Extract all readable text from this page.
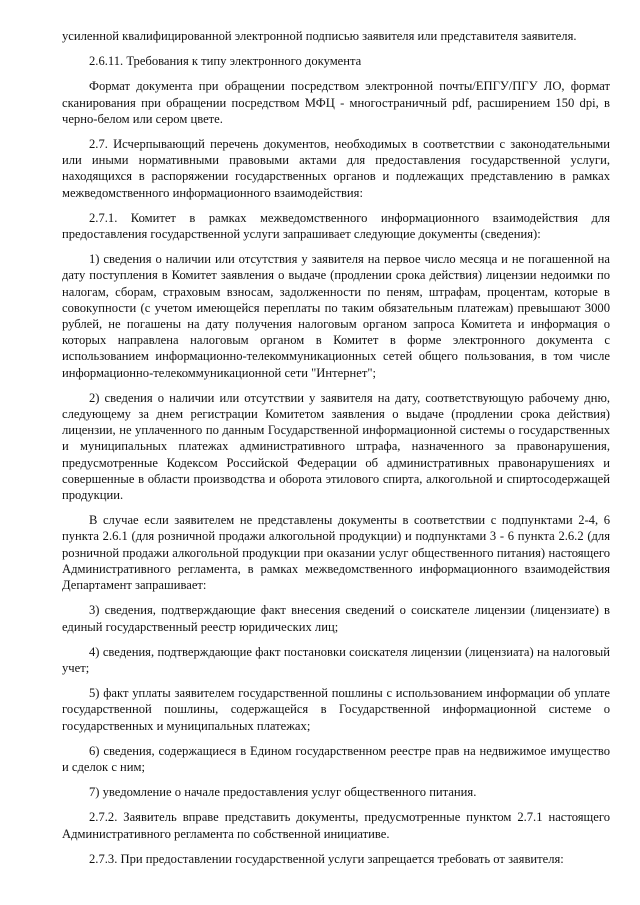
усиленной квалифицированной электронной подписью заявителя или представителя заявителя.

2.6.11. Требования к типу электронного документа

Формат документа при обращении посредством электронной почты/ЕПГУ/ПГУ ЛО, формат сканирования при обращении посредством МФЦ - многостраничный pdf, расширением 150 dpi, в черно-белом или сером цвете.

2.7. Исчерпывающий перечень документов, необходимых в соответствии с законодательными или иными нормативными правовыми актами для предоставления государственной услуги, находящихся в распоряжении государственных органов и подлежащих представлению в рамках межведомственного информационного взаимодействия:

2.7.1. Комитет в рамках межведомственного информационного взаимодействия для предоставления государственной услуги запрашивает следующие документы (сведения):

1) сведения о наличии или отсутствия у заявителя на первое число месяца и не погашенной на дату поступления в Комитет заявления о выдаче (продлении срока действия) лицензии недоимки по налогам, сборам, страховым взносам, задолженности по пеням, штрафам, процентам, которые в совокупности (с учетом имеющейся переплаты по таким обязательным платежам) превышают 3000 рублей, не погашены на дату получения налоговым органом запроса Комитета и информация о которых направлена налоговым органом в Комитет в форме электронного документа с использованием информационно-телекоммуникационных сетей общего пользования, в том числе информационно-телекоммуникационной сети "Интернет";

2) сведения о наличии или отсутствии у заявителя на дату, соответствующую рабочему дню, следующему за днем регистрации Комитетом заявления о выдаче (продлении срока действия) лицензии, не уплаченного по данным Государственной информационной системы о государственных и муниципальных платежах административного штрафа, назначенного за правонарушения, предусмотренные Кодексом Российской Федерации об административных правонарушениях и совершенные в области производства и оборота этилового спирта, алкогольной и спиртосодержащей продукции.

В случае если заявителем не представлены документы в соответствии с подпунктами 2-4, 6 пункта 2.6.1 (для розничной продажи алкогольной продукции) и подпунктами 3 - 6 пункта 2.6.2 (для розничной продажи алкогольной продукции при оказании услуг общественного питания) настоящего Административного регламента, в рамках межведомственного информационного взаимодействия Департамент запрашивает:

3) сведения, подтверждающие факт внесения сведений о соискателе лицензии (лицензиате) в единый государственный реестр юридических лиц;

4) сведения, подтверждающие факт постановки соискателя лицензии (лицензиата) на налоговый учет;

5) факт уплаты заявителем государственной пошлины с использованием информации об уплате государственной пошлины, содержащейся в Государственной информационной системе о государственных и муниципальных платежах;

6) сведения, содержащиеся в Едином государственном реестре прав на недвижимое имущество и сделок с ним;

7) уведомление о начале предоставления услуг общественного питания.

2.7.2. Заявитель вправе представить документы, предусмотренные пунктом 2.7.1 настоящего Административного регламента по собственной инициативе.

2.7.3. При предоставлении государственной услуги запрещается требовать от заявителя:
